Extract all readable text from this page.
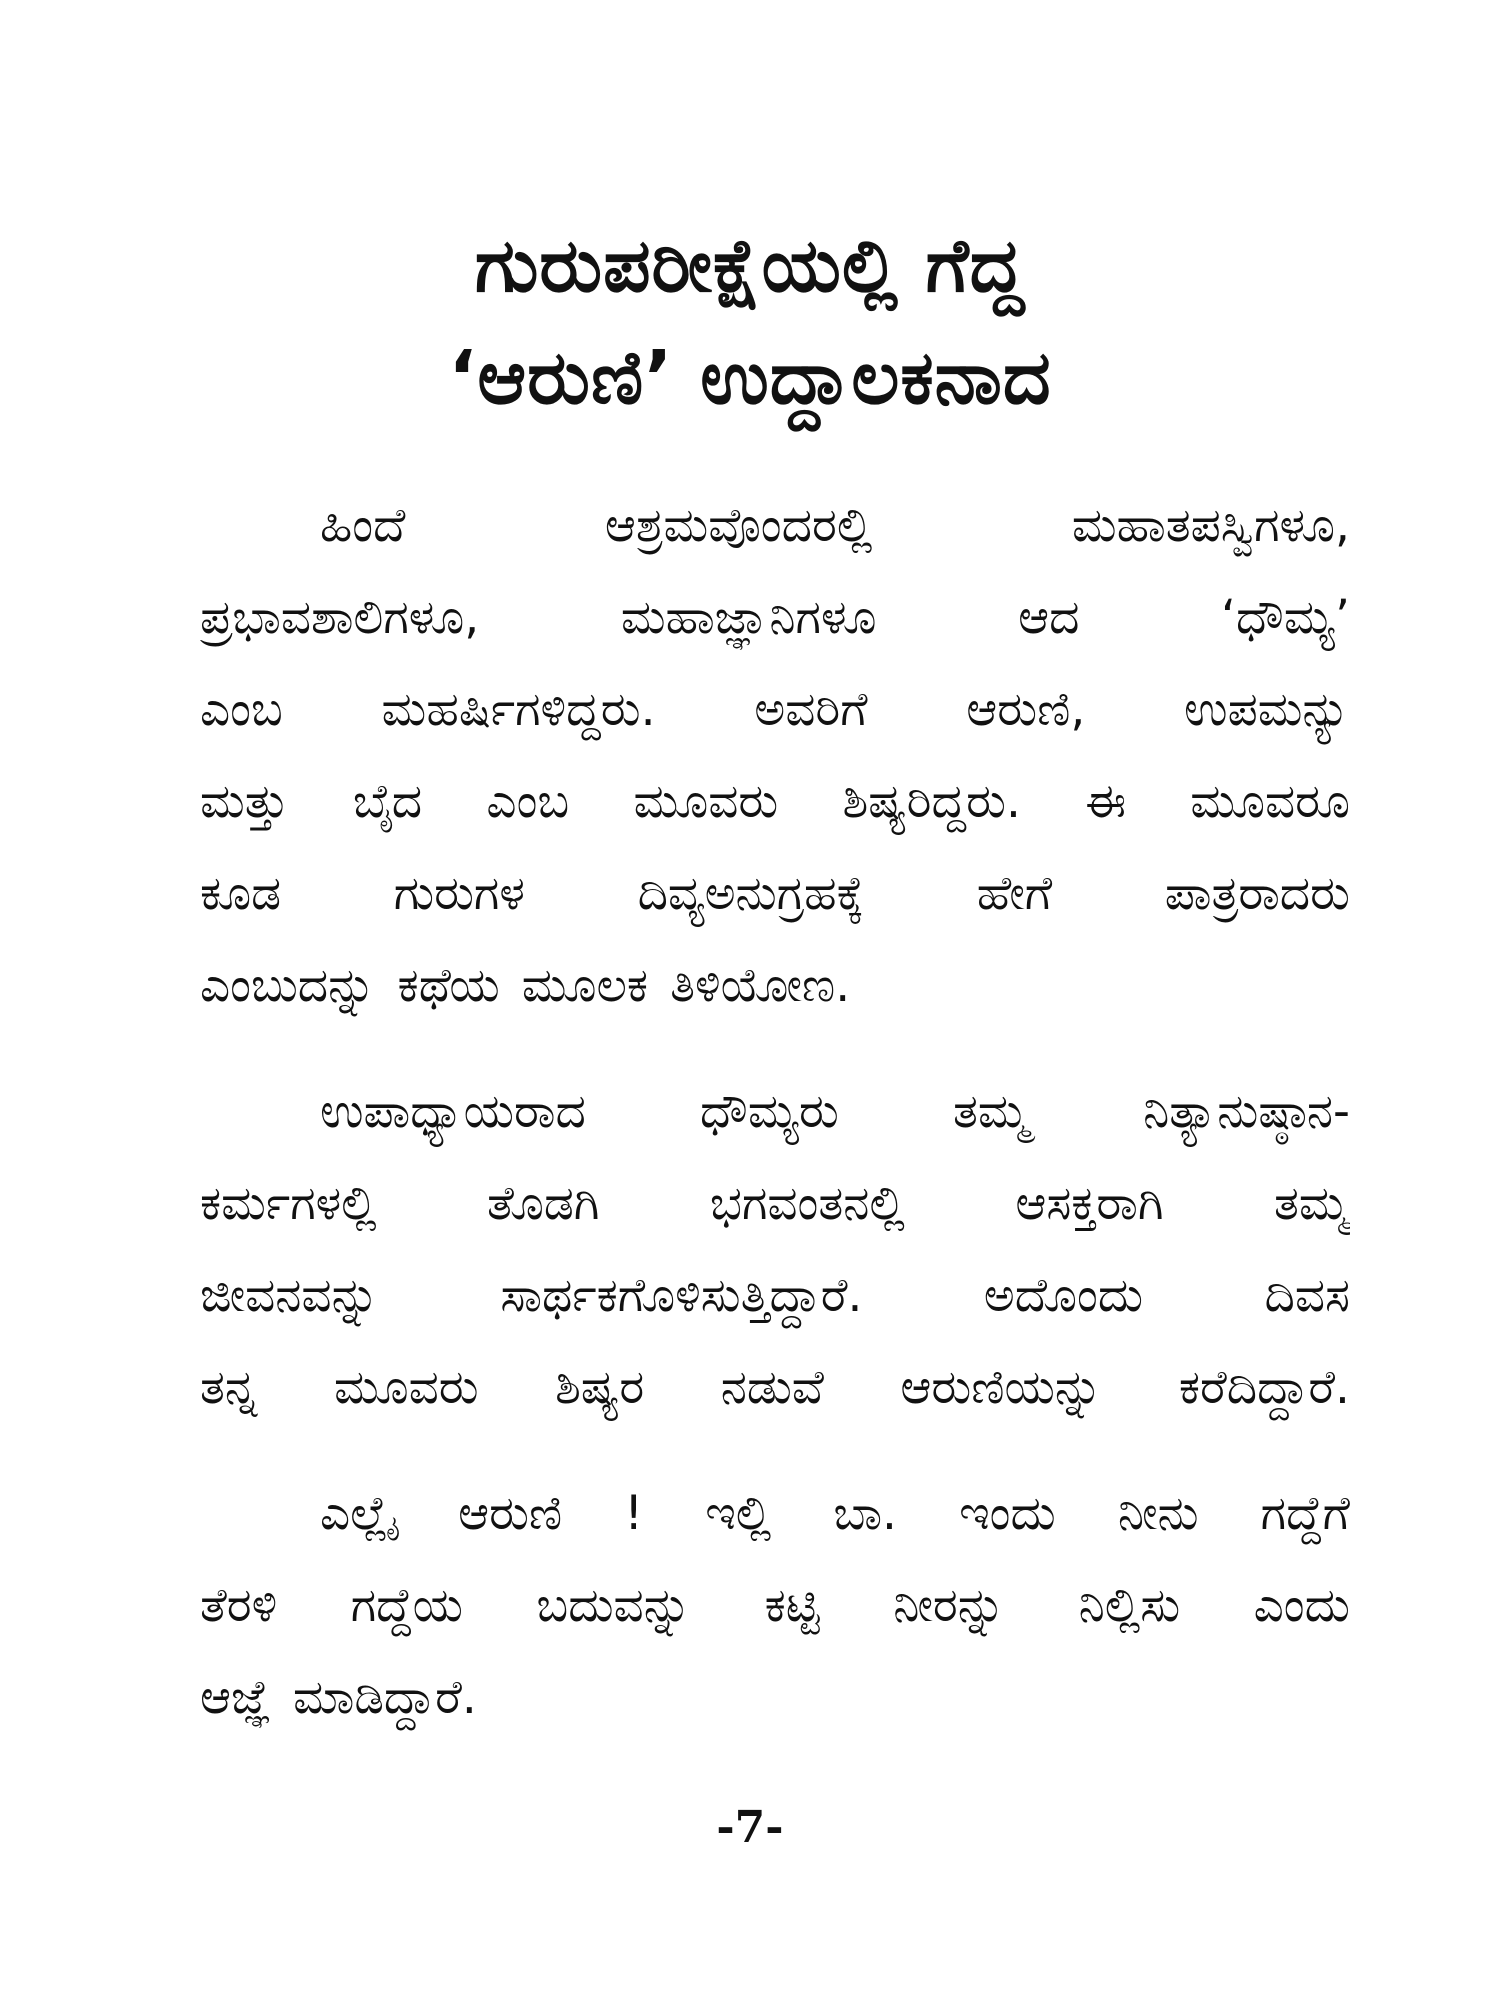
ಗುರುಪರೀಕ್ಷೆಯಲ್ಲಿ ಗೆದ್ದ
‘ಆರುಣಿ’ ಉದ್ದಾಲಕನಾದ
ಹಿಂದೆ	ಆಶ್ರಮವೊಂದರಲ್ಲಿ	ಮಹಾತಪಸ್ವಿಗಳೂ,
ಪ್ರಭಾವಶಾಲಿಗಳೂ,	ಮಹಾಜ್ಞಾನಿಗಳೂ	ಆದ	‘ಧೌಮ್ಯ’
ಎಂಬ ಮಹರ್ಷಿಗಳಿದ್ದರು. ಅವರಿಗೆ ಆರುಣಿ, ಉಪಮನ್ಯು
ಮತ್ತು ಬೈದ ಎಂಬ ಮೂವರು ಶಿಷ್ಯರಿದ್ದರು. ಈ ಮೂವರೂ
ಕೂಡ ಗುರುಗಳ ದಿವ್ಯಅನುಗ್ರಹಕ್ಕೆ ಹೇಗೆ ಪಾತ್ರರಾದರು
ಎಂಬುದನ್ನು ಕಥೆಯ ಮೂಲಕ ತಿಳಿಯೋಣ.
ಉಪಾಧ್ಯಾಯರಾದ ಧೌಮ್ಯರು ತಮ್ಮ ನಿತ್ಯಾನುಷ್ಠಾನ-
ಕರ್ಮಗಳಲ್ಲಿ ತೊಡಗಿ ಭಗವಂತನಲ್ಲಿ ಆಸಕ್ತರಾಗಿ ತಮ್ಮ
ಜೀವನವನ್ನು	ಸಾರ್ಥಕಗೊಳಿಸುತ್ತಿದ್ದಾರೆ.	ಅದೊಂದು	ದಿವಸ
ತನ್ನ ಮೂವರು ಶಿಷ್ಯರ ನಡುವೆ ಆರುಣಿಯನ್ನು ಕರೆದಿದ್ದಾರೆ.
ಎಲ್ಲೈ ಆರುಣಿ ! ಇಲ್ಲಿ ಬಾ. ಇಂದು ನೀನು ಗದ್ದೆಗೆ
ತೆರಳಿ ಗದ್ದೆಯ ಬದುವನ್ನು ಕಟ್ಟಿ ನೀರನ್ನು ನಿಲ್ಲಿಸು ಎಂದು
ಆಜ್ಞೆ ಮಾಡಿದ್ದಾರೆ.
-7-
